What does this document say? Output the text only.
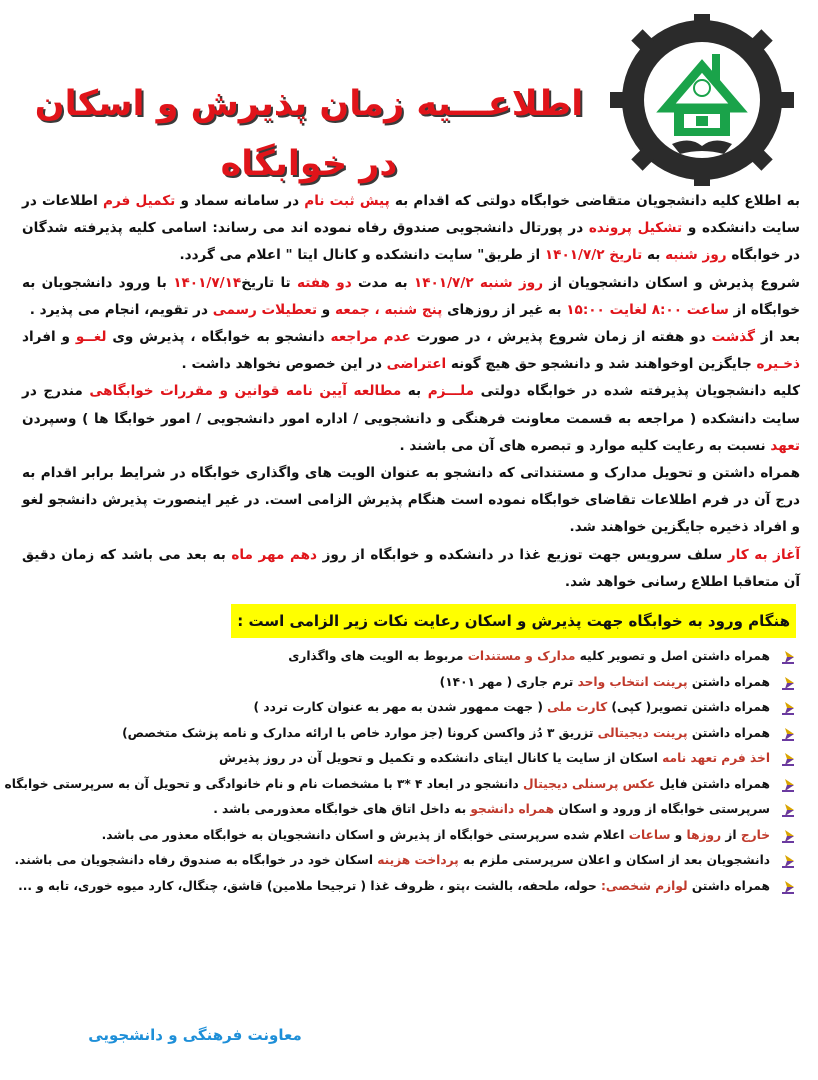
اطلاعـــیه زمان پذیرش و اسکان در خوابگاه
به اطلاع کلیه دانشجویان متقاضی خوابگاه دولتی که اقدام به پیش ثبت نام در سامانه سماد و تکمیل فرم اطلاعات در سایت دانشکده و تشکیل پرونده در پورتال دانشجویی صندوق رفاه نموده اند می رساند: اسامی کلیه پذیرفته شدگان در خوابگاه روز شنبه به تاریخ ۱۴۰۱/۷/۲ از طریق" سایت دانشکده و کانال ایتا " اعلام می گردد.
شروع پذیرش و اسکان دانشجویان از روز شنبه ۱۴۰۱/۷/۲ به مدت دو هفته تا تاریخ۱۴۰۱/۷/۱۴ با ورود دانشجویان به خوابگاه از ساعت ۸:۰۰ لغایت ۱۵:۰۰ به غیر از روزهای پنج شنبه ، جمعه و تعطیلات رسمی در تقویم، انجام می پذیرد .
بعد از گذشت دو هفته از زمان شروع پذیرش ، در صورت عدم مراجعه دانشجو به خوابگاه ، پذیرش وی لغــو و افراد ذخـیره جایگزین اوخواهند شد و دانشجو حق هیچ گونه اعتراضی در این خصوص نخواهد داشت .
کلیه دانشجویان پذیرفته شده در خوابگاه دولتی ملـــزم به مطالعه آیین نامه قوانین و مقررات خوابگاهی مندرج در سایت دانشکده ( مراجعه به قسمت معاونت فرهنگی و دانشجویی / اداره امور دانشجویی / امور خوابگا ها ) وسپردن تعهد نسبت به رعایت کلیه موارد و تبصره های آن می باشند .
همراه داشتن و تحویل مدارک و مستنداتی که دانشجو به عنوان الویت های واگذاری خوابگاه در شرایط برابر اقدام به درج آن در فرم اطلاعات تقاضای خوابگاه نموده است هنگام پذیرش الزامی است. در غیر اینصورت پذیرش دانشجو لغو و افراد ذخیره جایگزین خواهند شد.
آغاز به کار سلف سرویس جهت توزیع غذا در دانشکده و خوابگاه از روز دهم مهر ماه به بعد می باشد که زمان دقیق آن متعاقبا اطلاع رسانی خواهد شد.
هنگام ورود به خوابگاه جهت پذیرش و اسکان رعایت نکات زیر الزامی است :
همراه داشتن اصل و تصویر کلیه مدارک و مستندات مربوط به الویت های واگذاری
همراه داشتن پرینت انتخاب واحد ترم جاری ( مهر ۱۴۰۱)
همراه داشتن تصویر( کپی) کارت ملی ( جهت ممهور شدن به مهر به عنوان کارت تردد )
همراه داشتن پرینت دیجیتالی تزریق ۳ دُز واکسن کرونا (جز موارد خاص با ارائه مدارک و نامه پزشک متخصص)
اخذ فرم تعهد نامه اسکان از سایت یا کانال ایتای دانشکده و تکمیل و تحویل آن در روز پذیرش
همراه داشتن فایل عکس پرسنلی دیجیتال دانشجو در ابعاد ۴ *۳ با مشخصات نام و نام خانوادگی و تحویل آن به سرپرستی خوابگاه
سرپرستی خوابگاه از ورود و اسکان همراه دانشجو به داخل اتاق های خوابگاه معذورمی باشد .
خارج از روزها و ساعات اعلام شده سرپرستی خوابگاه از پذیرش و اسکان دانشجویان به خوابگاه معذور می باشد.
دانشجویان بعد از اسکان و اعلان سرپرستی ملزم به پرداخت هزینه اسکان خود در خوابگاه به صندوق رفاه دانشجویان می باشند.
همراه داشتن لوازم شخصی: حوله، ملحفه، بالشت ،پتو ، ظروف غذا ( ترجیحا ملامین) قاشق، چنگال، کارد میوه خوری، تابه و ...
معاونت فرهنگی و دانشجویی
